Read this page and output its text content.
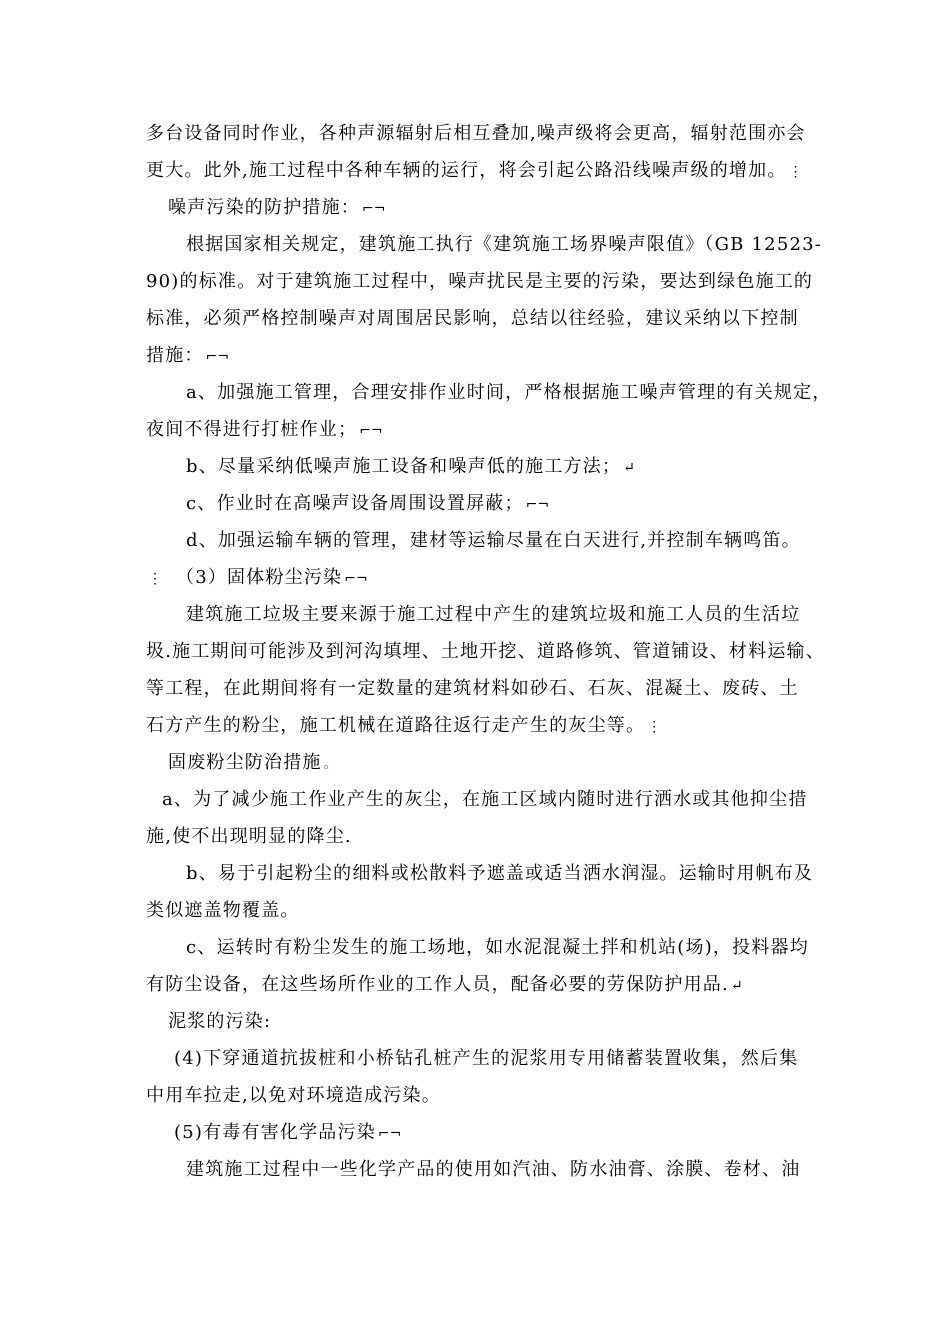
多台设备同时作业，各种声源辐射后相互叠加,噪声级将会更高，辐射范围亦会
更大。此外,施工过程中各种车辆的运行，将会引起公路沿线噪声级的增加。 ⋮
噪声污染的防护措施： ⌐¬
根据国家相关规定，建筑施工执行《建筑施工场界噪声限值》（GB 12523-
90)的标准。对于建筑施工过程中，噪声扰民是主要的污染，要达到绿色施工的
标准，必须严格控制噪声对周围居民影响，总结以往经验，建议采纳以下控制
措施： ⌐¬
a、加强施工管理，合理安排作业时间，严格根据施工噪声管理的有关规定，
夜间不得进行打桩作业； ⌐¬
b、尽量采纳低噪声施工设备和噪声低的施工方法； ↵
c、作业时在高噪声设备周围设置屏蔽； ⌐¬
d、加强运输车辆的管理，建材等运输尽量在白天进行,并控制车辆鸣笛。
⋮ （3）固体粉尘污染 ⌐¬
建筑施工垃圾主要来源于施工过程中产生的建筑垃圾和施工人员的生活垃
圾.施工期间可能涉及到河沟填埋、土地开挖、道路修筑、管道铺设、材料运输、
等工程，在此期间将有一定数量的建筑材料如砂石、石灰、混凝土、废砖、土
石方产生的粉尘，施工机械在道路往返行走产生的灰尘等。 ⋮
固废粉尘防治措施 。
a、为了减少施工作业产生的灰尘，在施工区域内随时进行洒水或其他抑尘措
施,使不出现明显的降尘.
b、易于引起粉尘的细料或松散料予遮盖或适当洒水润湿。运输时用帆布及
类似遮盖物覆盖。
c、运转时有粉尘发生的施工场地，如水泥混凝土拌和机站(场)，投料器均
有防尘设备，在这些场所作业的工作人员，配备必要的劳保防护用品. ↵
泥浆的污染:
(4)下穿通道抗拔桩和小桥钻孔桩产生的泥浆用专用储蓄装置收集，然后集
中用车拉走,以免对环境造成污染。
(5)有毒有害化学品污染 ⌐¬
建筑施工过程中一些化学产品的使用如汽油、防水油膏、涂膜、卷材、油
